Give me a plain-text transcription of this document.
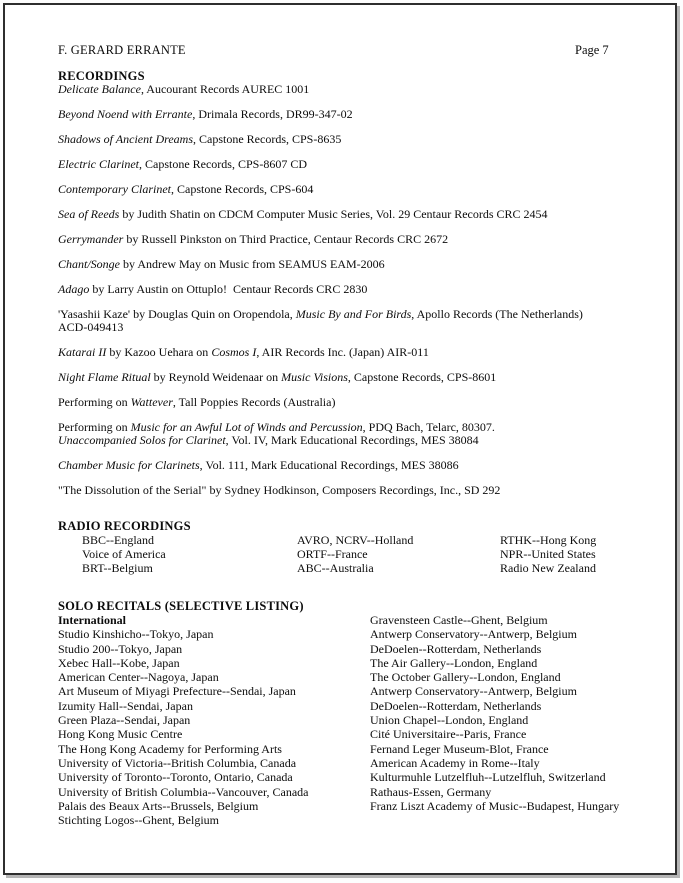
F. GERARD ERRANTE	Page 7
RECORDINGS

Delicate Balance, Aucourant Records AUREC 1001

Beyond Noend with Errante, Drimala Records, DR99-347-02

Shadows of Ancient Dreams, Capstone Records, CPS-8635

Electric Clarinet, Capstone Records, CPS-8607 CD

Contemporary Clarinet, Capstone Records, CPS-604

Sea of Reeds by Judith Shatin on CDCM Computer Music Series, Vol. 29 Centaur Records CRC 2454

Gerrymander by Russell Pinkston on Third Practice, Centaur Records CRC 2672

Chant/Songe by Andrew May on Music from SEAMUS EAM-2006

Adago by Larry Austin on Ottuplo!  Centaur Records CRC 2830

'Yasashii Kaze' by Douglas Quin on Oropendola, Music By and For Birds, Apollo Records (The Netherlands)
ACD-049413

Katarai II by Kazoo Uehara on Cosmos I, AIR Records Inc. (Japan) AIR-011

Night Flame Ritual by Reynold Weidenaar on Music Visions, Capstone Records, CPS-8601

Performing on Wattever, Tall Poppies Records (Australia)

Performing on Music for an Awful Lot of Winds and Percussion, PDQ Bach, Telarc, 80307.
Unaccompanied Solos for Clarinet, Vol. IV, Mark Educational Recordings, MES 38084

Chamber Music for Clarinets, Vol. 111, Mark Educational Recordings, MES 38086

"The Dissolution of the Serial" by Sydney Hodkinson, Composers Recordings, Inc., SD 292

RADIO RECORDINGS
BBC--England	AVRO, NCRV--Holland	RTHK--Hong Kong
Voice of America	ORTF--France	NPR--United States
BRT--Belgium	ABC--Australia	Radio New Zealand
SOLO RECITALS (SELECTIVE LISTING)
International
Studio Kinshicho--Tokyo, Japan
Studio 200--Tokyo, Japan
Xebec Hall--Kobe, Japan
American Center--Nagoya, Japan
Art Museum of Miyagi Prefecture--Sendai, Japan
Izumity Hall--Sendai, Japan
Green Plaza--Sendai, Japan
Hong Kong Music Centre
The Hong Kong Academy for Performing Arts
University of Victoria--British Columbia, Canada
University of Toronto--Toronto, Ontario, Canada
University of British Columbia--Vancouver, Canada
Palais des Beaux Arts--Brussels, Belgium
Stichting Logos--Ghent, Belgium
Gravensteen Castle--Ghent, Belgium
Antwerp Conservatory--Antwerp, Belgium
DeDoelen--Rotterdam, Netherlands
The Air Gallery--London, England
The October Gallery--London, England
Antwerp Conservatory--Antwerp, Belgium
DeDoelen--Rotterdam, Netherlands
Union Chapel--London, England
Cité Universitaire--Paris, France
Fernand Leger Museum-Blot, France
American Academy in Rome--Italy
Kulturmuhle Lutzelfluh--Lutzelfluh, Switzerland
Rathaus-Essen, Germany
Franz Liszt Academy of Music--Budapest, Hungary
